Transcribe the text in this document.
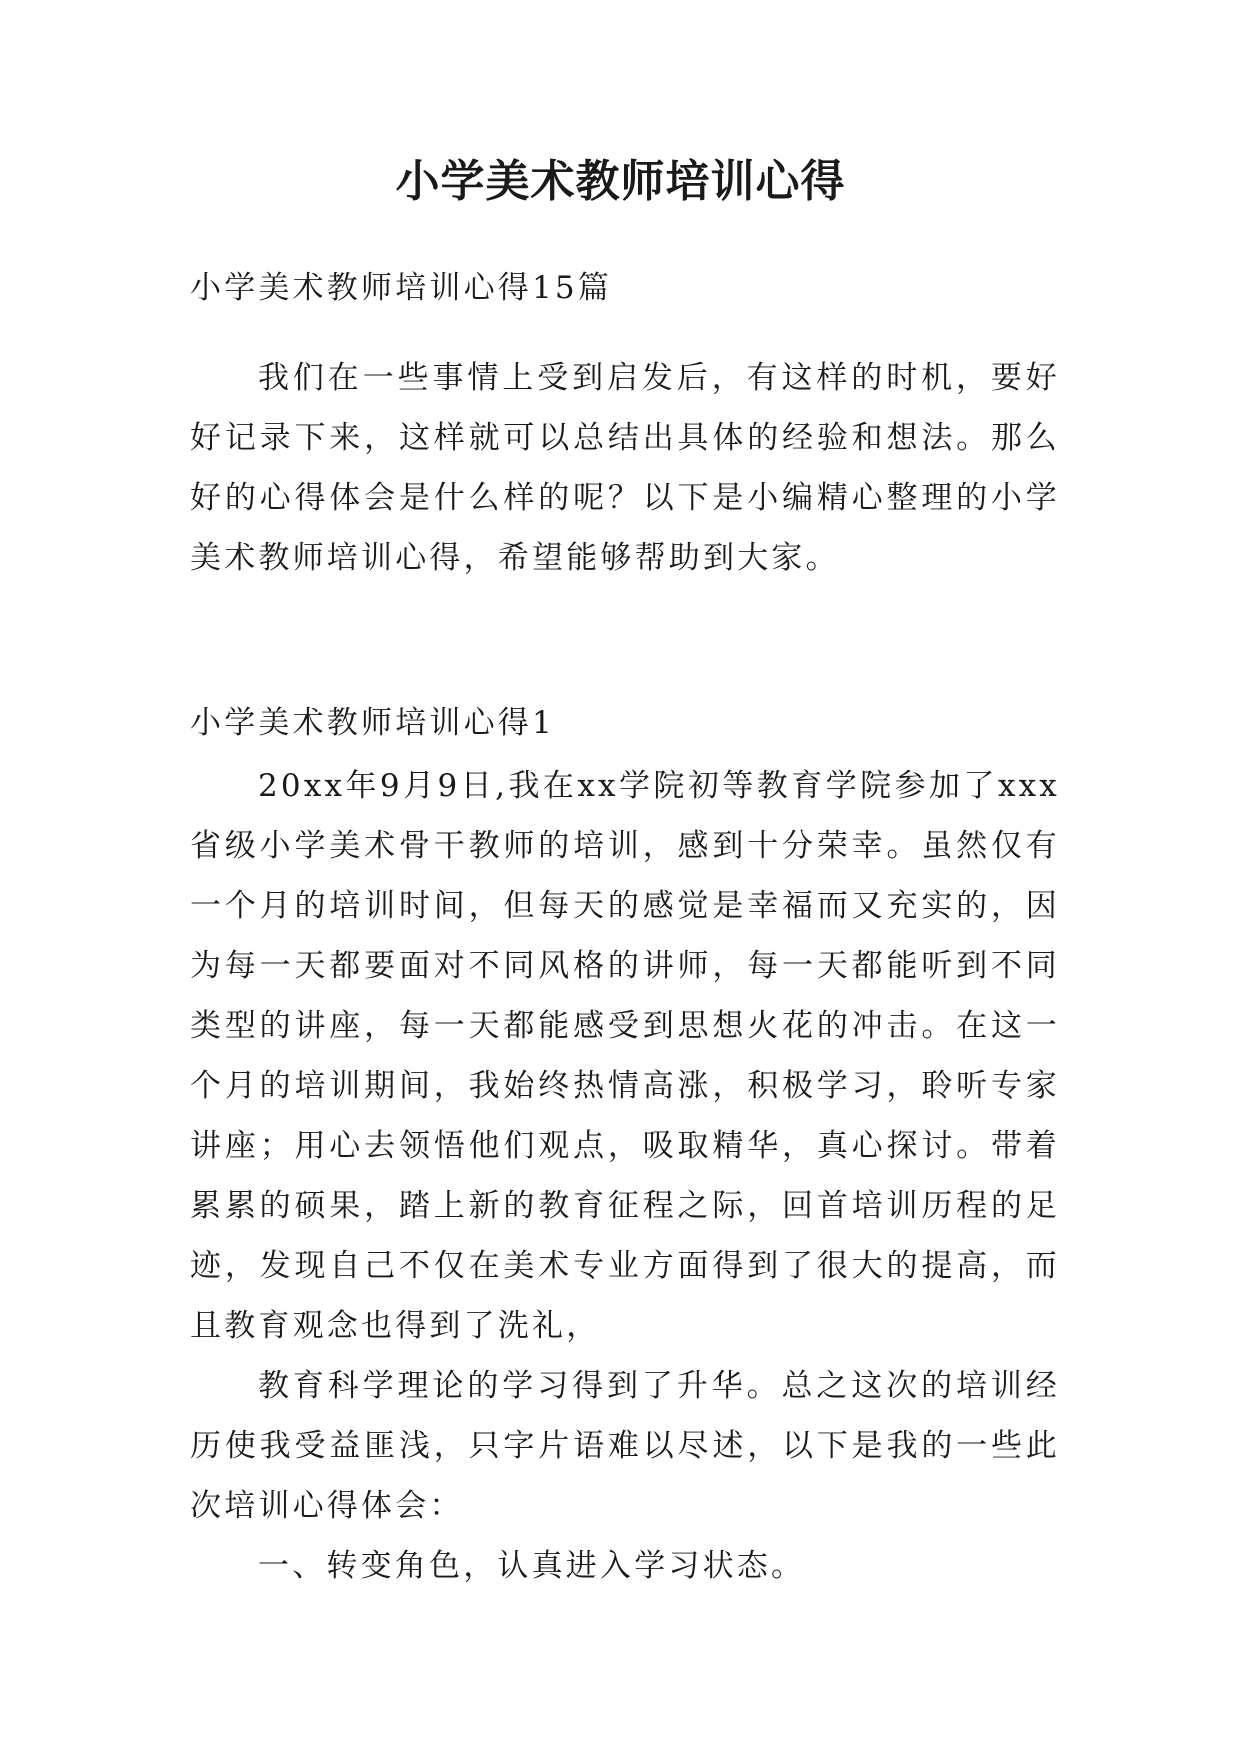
小学美术教师培训心得

小学美术教师培训心得15篇

我们在一些事情上受到启发后，有这样的时机，要好好记录下来，这样就可以总结出具体的经验和想法。那么好的心得体会是什么样的呢？以下是小编精心整理的小学美术教师培训心得，希望能够帮助到大家。

小学美术教师培训心得1

20xx年9月9日,我在xx学院初等教育学院参加了xxx省级小学美术骨干教师的培训，感到十分荣幸。虽然仅有一个月的培训时间，但每天的感觉是幸福而又充实的，因为每一天都要面对不同风格的讲师，每一天都能听到不同类型的讲座，每一天都能感受到思想火花的冲击。在这一个月的培训期间，我始终热情高涨，积极学习，聆听专家讲座；用心去领悟他们观点，吸取精华，真心探讨。带着累累的硕果，踏上新的教育征程之际，回首培训历程的足迹，发现自己不仅在美术专业方面得到了很大的提高，而且教育观念也得到了洗礼，

教育科学理论的学习得到了升华。总之这次的培训经历使我受益匪浅，只字片语难以尽述，以下是我的一些此次培训心得体会：

一、转变角色，认真进入学习状态。
